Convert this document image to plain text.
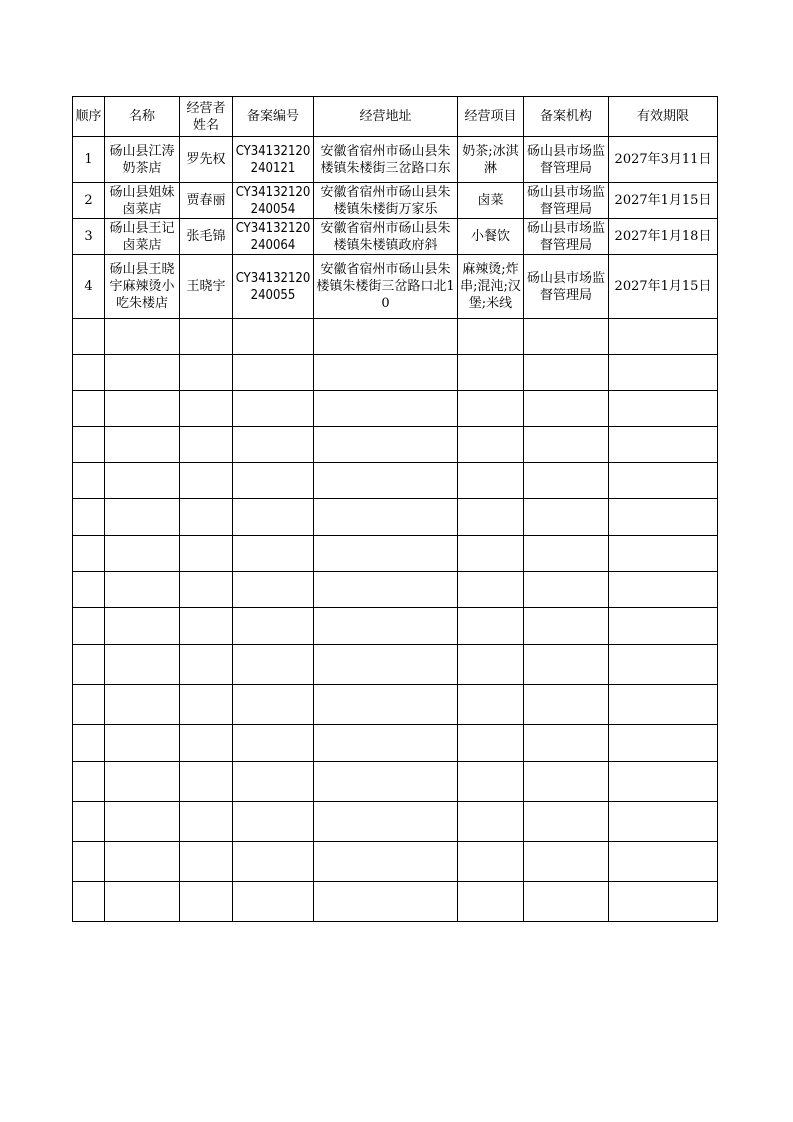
顺序	名称	经营者姓名	备案编号	经营地址	经营项目	备案机构	有效期限

1	砀山县江涛奶茶店	罗先权	CY34132120240121	安徽省宿州市砀山县朱楼镇朱楼街三岔路口东	奶茶;冰淇淋	砀山县市场监督管理局	2027年3月11日

2	砀山县姐妹卤菜店	贾春丽	CY34132120240054	安徽省宿州市砀山县朱楼镇朱楼街万家乐	卤菜	砀山县市场监督管理局	2027年1月15日

3	砀山县王记卤菜店	张毛锦	CY34132120240064	安徽省宿州市砀山县朱楼镇朱楼镇政府斜	小餐饮	砀山县市场监督管理局	2027年1月18日

4	砀山县王晓宇麻辣烫小吃朱楼店	王晓宇	CY34132120240055	安徽省宿州市砀山县朱楼镇朱楼街三岔路口北10	麻辣烫;炸串;混沌;汉堡;米线	砀山县市场监督管理局	2027年1月15日
